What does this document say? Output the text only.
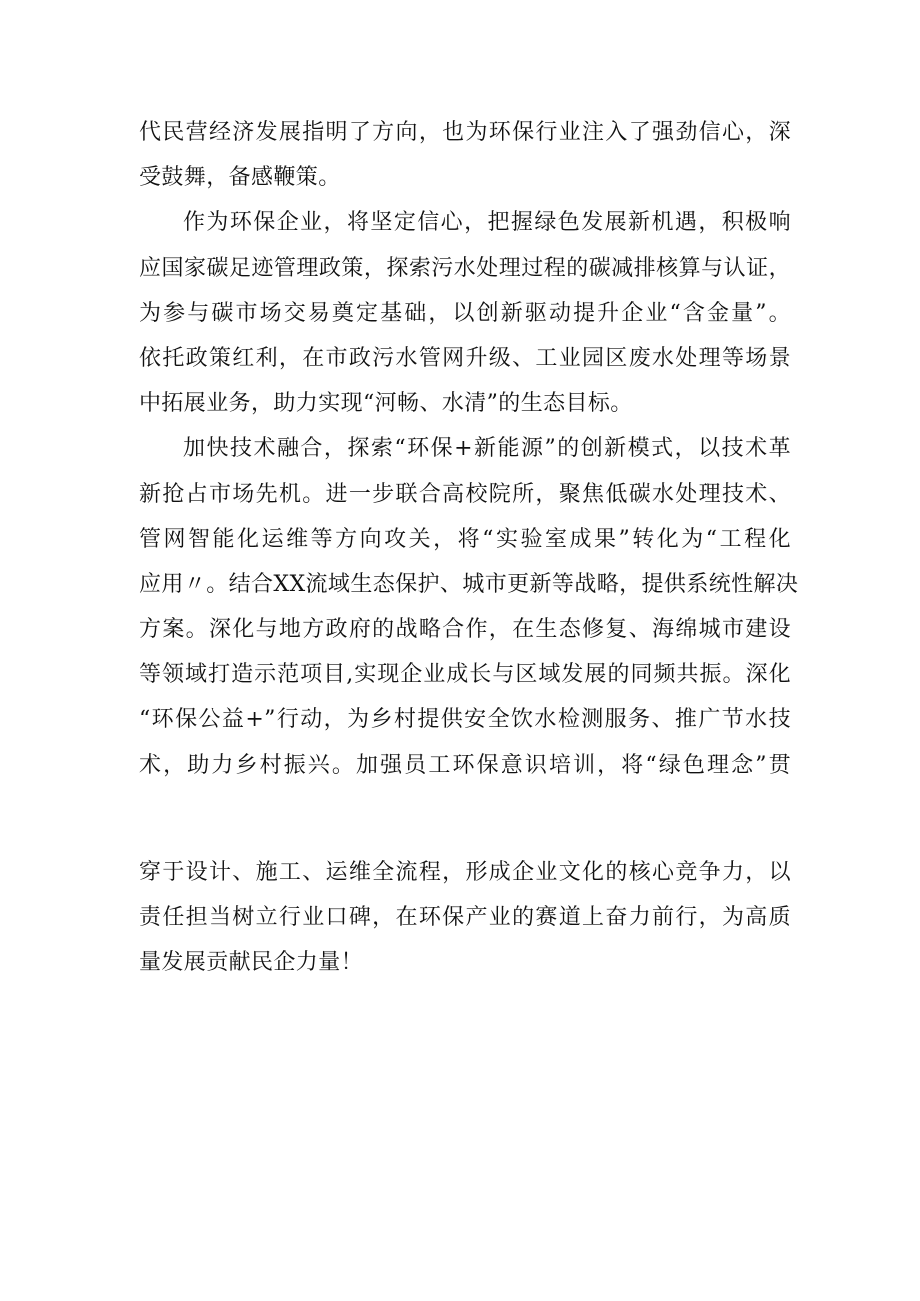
代民营经济发展指明了方向，也为环保行业注入了强劲信心，深
受鼓舞，备感鞭策。
作为环保企业，将坚定信心，把握绿色发展新机遇，积极响
应国家碳足迹管理政策，探索污水处理过程的碳减排核算与认证，
为参与碳市场交易奠定基础，以创新驱动提升企业“含金量”。
依托政策红利，在市政污水管网升级、工业园区废水处理等场景
中拓展业务，助力实现“河畅、水清”的生态目标。
加快技术融合，探索“环保+新能源”的创新模式，以技术革
新抢占市场先机。进一步联合高校院所，聚焦低碳水处理技术、
管网智能化运维等方向攻关，将“实验室成果”转化为“工程化
应用〃。结合XX流域生态保护、城市更新等战略，提供系统性解决
方案。深化与地方政府的战略合作，在生态修复、海绵城市建设
等领域打造示范项目,实现企业成长与区域发展的同频共振。深化
“环保公益+”行动，为乡村提供安全饮水检测服务、推广节水技
术，助力乡村振兴。加强员工环保意识培训，将“绿色理念”贯
穿于设计、施工、运维全流程，形成企业文化的核心竞争力，以
责任担当树立行业口碑，在环保产业的赛道上奋力前行，为高质
量发展贡献民企力量！
